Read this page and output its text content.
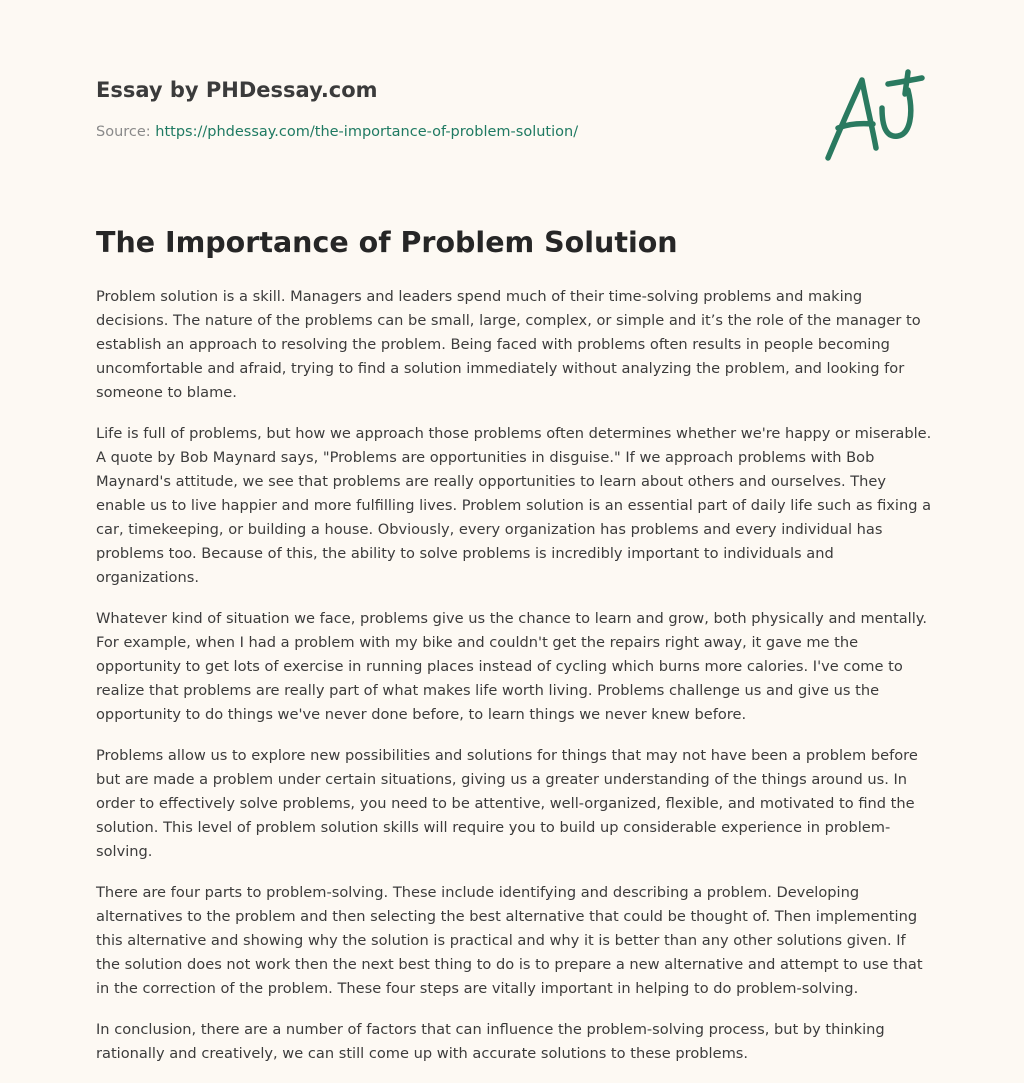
Essay by PHDessay.com
Source: https://phdessay.com/the-importance-of-problem-solution/
The Importance of Problem Solution

Problem solution is a skill. Managers and leaders spend much of their time-solving problems and making decisions. The nature of the problems can be small, large, complex, or simple and it’s the role of the manager to establish an approach to resolving the problem. Being faced with problems often results in people becoming uncomfortable and afraid, trying to find a solution immediately without analyzing the problem, and looking for someone to blame.

Life is full of problems, but how we approach those problems often determines whether we're happy or miserable. A quote by Bob Maynard says, "Problems are opportunities in disguise." If we approach problems with Bob Maynard's attitude, we see that problems are really opportunities to learn about others and ourselves. They enable us to live happier and more fulfilling lives. Problem solution is an essential part of daily life such as fixing a car, timekeeping, or building a house. Obviously, every organization has problems and every individual has problems too. Because of this, the ability to solve problems is incredibly important to individuals and organizations.

Whatever kind of situation we face, problems give us the chance to learn and grow, both physically and mentally. For example, when I had a problem with my bike and couldn't get the repairs right away, it gave me the opportunity to get lots of exercise in running places instead of cycling which burns more calories. I've come to realize that problems are really part of what makes life worth living. Problems challenge us and give us the opportunity to do things we've never done before, to learn things we never knew before.

Problems allow us to explore new possibilities and solutions for things that may not have been a problem before but are made a problem under certain situations, giving us a greater understanding of the things around us. In order to effectively solve problems, you need to be attentive, well-organized, flexible, and motivated to find the solution. This level of problem solution skills will require you to build up considerable experience in problem-solving.

There are four parts to problem-solving. These include identifying and describing a problem. Developing alternatives to the problem and then selecting the best alternative that could be thought of. Then implementing this alternative and showing why the solution is practical and why it is better than any other solutions given. If the solution does not work then the next best thing to do is to prepare a new alternative and attempt to use that in the correction of the problem. These four steps are vitally important in helping to do problem-solving.

In conclusion, there are a number of factors that can influence the problem-solving process, but by thinking rationally and creatively, we can still come up with accurate solutions to these problems.
